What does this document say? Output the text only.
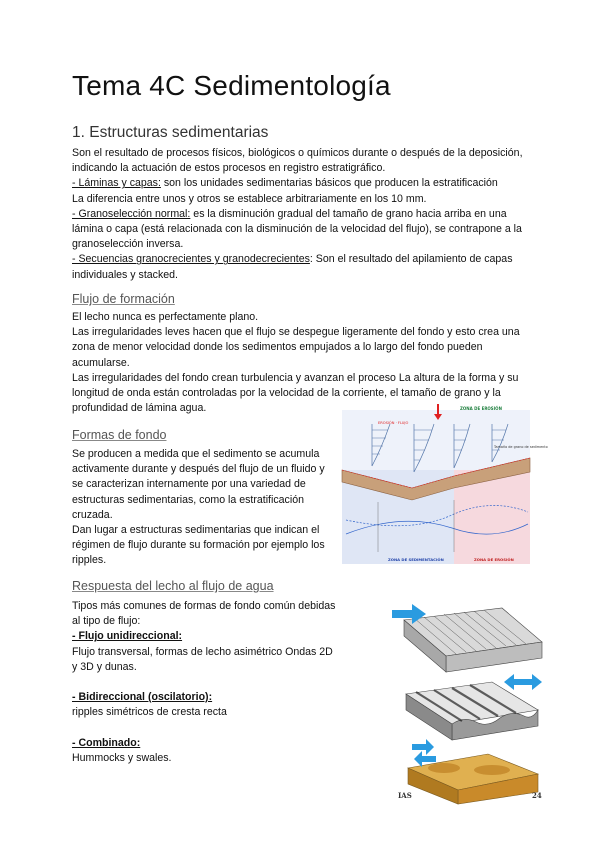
Tema 4C Sedimentología
1. Estructuras sedimentarias
Son el resultado de procesos físicos, biológicos o químicos durante o después de la deposición, indicando la actuación de estos procesos en registro estratigráfico.
- Láminas y capas: son los unidades sedimentarias básicos que producen la estratificación
La diferencia entre unos y otros se establece arbitrariamente en los 10 mm.
- Granoselección normal: es la disminución gradual del tamaño de grano hacia arriba en una lámina o capa (está relacionada con la disminución de la velocidad del flujo), se contrapone a la granoselección inversa.
- Secuencias granocrecientes y granodecrecientes: Son el resultado del apilamiento de capas individuales y stacked.
Flujo de formación
El lecho nunca es perfectamente plano.
Las irregularidades leves hacen que el flujo se despegue ligeramente del fondo y esto crea una zona de menor velocidad donde los sedimentos empujados a lo largo del fondo pueden acumularse.
Las irregularidades del fondo crean turbulencia y avanzan el proceso La altura de la forma y su longitud de onda están controladas por la velocidad de la corriente, el tamaño de grano y la profundidad de lámina agua.
Formas de fondo
Se producen a medida que el sedimento se acumula activamente durante y después del flujo de un fluido y se caracterizan internamente por una variedad de estructuras sedimentarias, como la estratificación cruzada.
Dan lugar a estructuras sedimentarias que indican el régimen de flujo durante su formación por ejemplo los ripples.
EROSIÓN · FLUJO
ZONA DE EROSIÓN
Tamaño de grano de sedimento
ZONA DE SEDIMENTACIÓN	ZONA DE EROSIÓN
Respuesta del lecho al flujo de agua
Tipos más comunes de formas de fondo común debidas al tipo de flujo:
- Flujo unidireccional:
Flujo transversal, formas de lecho asimétrico Ondas 2D y 3D y dunas.

- Bidireccional (oscilatorio):
ripples simétricos de cresta recta

- Combinado:
Hummocks y swales.
IAS	24
